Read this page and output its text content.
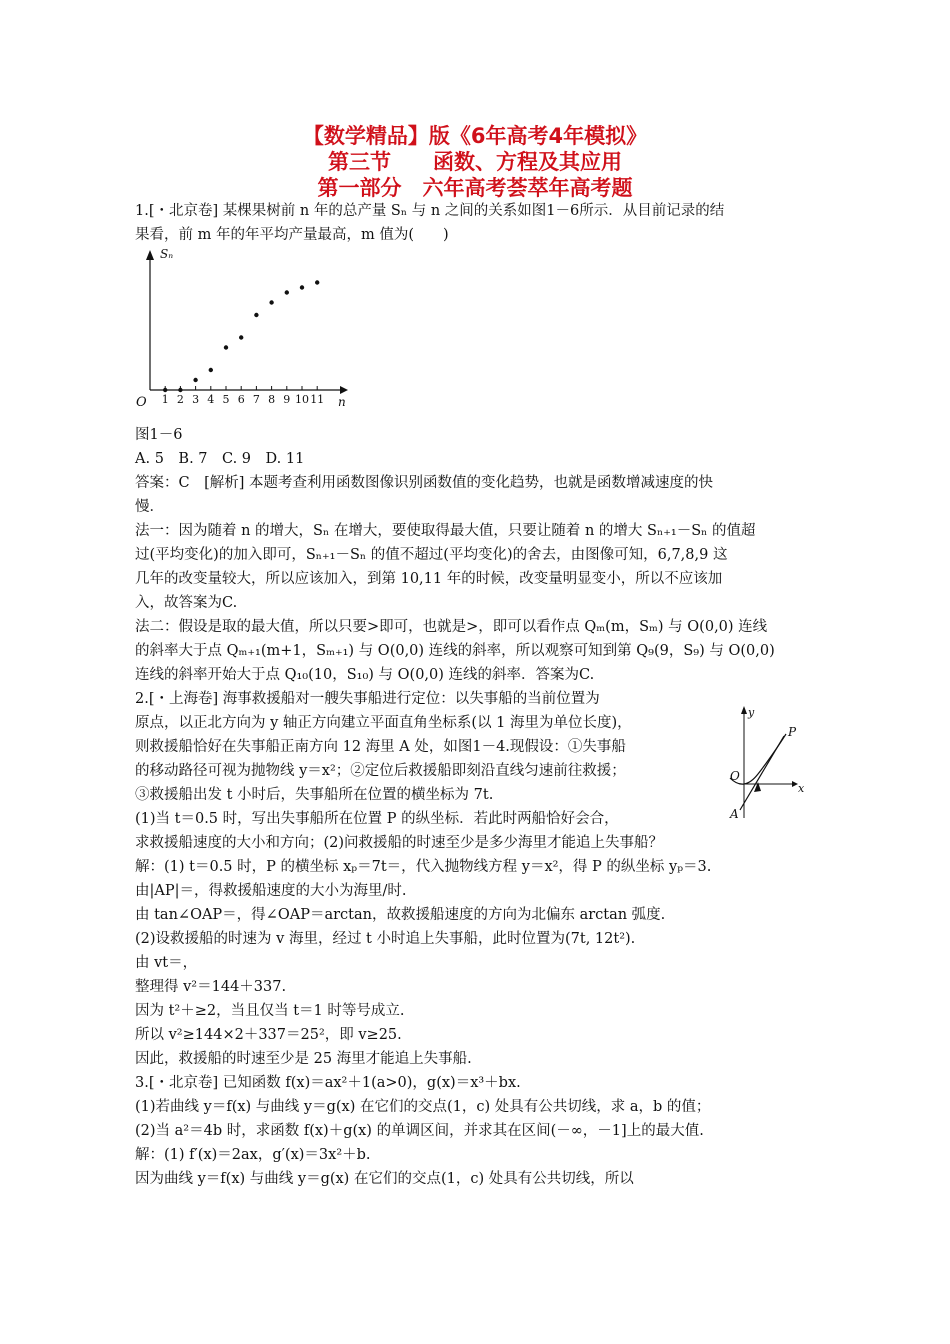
【数学精品】版《6年高考4年模拟》
第三节　　函数、方程及其应用
第一部分　六年高考荟萃年高考题
1.[・北京卷] 某棵果树前 n 年的总产量 Sₙ 与 n 之间的关系如图1－6所示．从目前记录的结
果看，前 m 年的年平均产量最高，m 值为(　　)
Sₙ
n
O 1 2 3 4 5 6 7 8 9 10 11
图1－6
A. 5　B. 7　C. 9　D. 11
答案：C　[解析] 本题考查利用函数图像识别函数值的变化趋势，也就是函数增减速度的快
慢．
法一：因为随着 n 的增大，Sₙ 在增大，要使取得最大值，只要让随着 n 的增大 Sₙ₊₁－Sₙ 的值超
过(平均变化)的加入即可，Sₙ₊₁－Sₙ 的值不超过(平均变化)的舍去，由图像可知，6,7,8,9 这
几年的改变量较大，所以应该加入，到第 10,11 年的时候，改变量明显变小，所以不应该加
入，故答案为C.
法二：假设是取的最大值，所以只要>即可，也就是>，即可以看作点 Qₘ(m，Sₘ) 与 O(0,0) 连线
的斜率大于点 Qₘ₊₁(m+1，Sₘ₊₁) 与 O(0,0) 连线的斜率，所以观察可知到第 Q₉(9，S₉) 与 O(0,0)
连线的斜率开始大于点 Q₁₀(10，S₁₀) 与 O(0,0) 连线的斜率．答案为C.
2.[・上海卷] 海事救援船对一艘失事船进行定位：以失事船的当前位置为
原点，以正北方向为 y 轴正方向建立平面直角坐标系(以 1 海里为单位长度)，
则救援船恰好在失事船正南方向 12 海里 A 处，如图1－4.现假设：①失事船
的移动路径可视为抛物线 y＝x²；②定位后救援船即刻沿直线匀速前往救援；
③救援船出发 t 小时后，失事船所在位置的横坐标为 7t.
(1)当 t＝0.5 时，写出失事船所在位置 P 的纵坐标．若此时两船恰好会合，
求救援船速度的大小和方向；(2)问救援船的时速至少是多少海里才能追上失事船？
y
x
O
P
A
解：(1) t＝0.5 时，P 的横坐标 xₚ＝7t＝，代入抛物线方程 y＝x²，得 P 的纵坐标 yₚ＝3.
由|AP|＝，得救援船速度的大小为海里/时.
由 tan∠OAP＝，得∠OAP＝arctan，故救援船速度的方向为北偏东 arctan 弧度.
(2)设救援船的时速为 v 海里，经过 t 小时追上失事船，此时位置为(7t, 12t²).
由 vt＝，
整理得 v²＝144＋337.
因为 t²＋≥2，当且仅当 t＝1 时等号成立.
所以 v²≥144×2＋337＝25²，即 v≥25.
因此，救援船的时速至少是 25 海里才能追上失事船.
3.[・北京卷] 已知函数 f(x)＝ax²＋1(a>0)，g(x)＝x³＋bx.
(1)若曲线 y＝f(x) 与曲线 y＝g(x) 在它们的交点(1，c) 处具有公共切线，求 a，b 的值；
(2)当 a²＝4b 时，求函数 f(x)＋g(x) 的单调区间，并求其在区间(－∞，－1]上的最大值.
解：(1) f′(x)＝2ax，g′(x)＝3x²＋b.
因为曲线 y＝f(x) 与曲线 y＝g(x) 在它们的交点(1，c) 处具有公共切线，所以
